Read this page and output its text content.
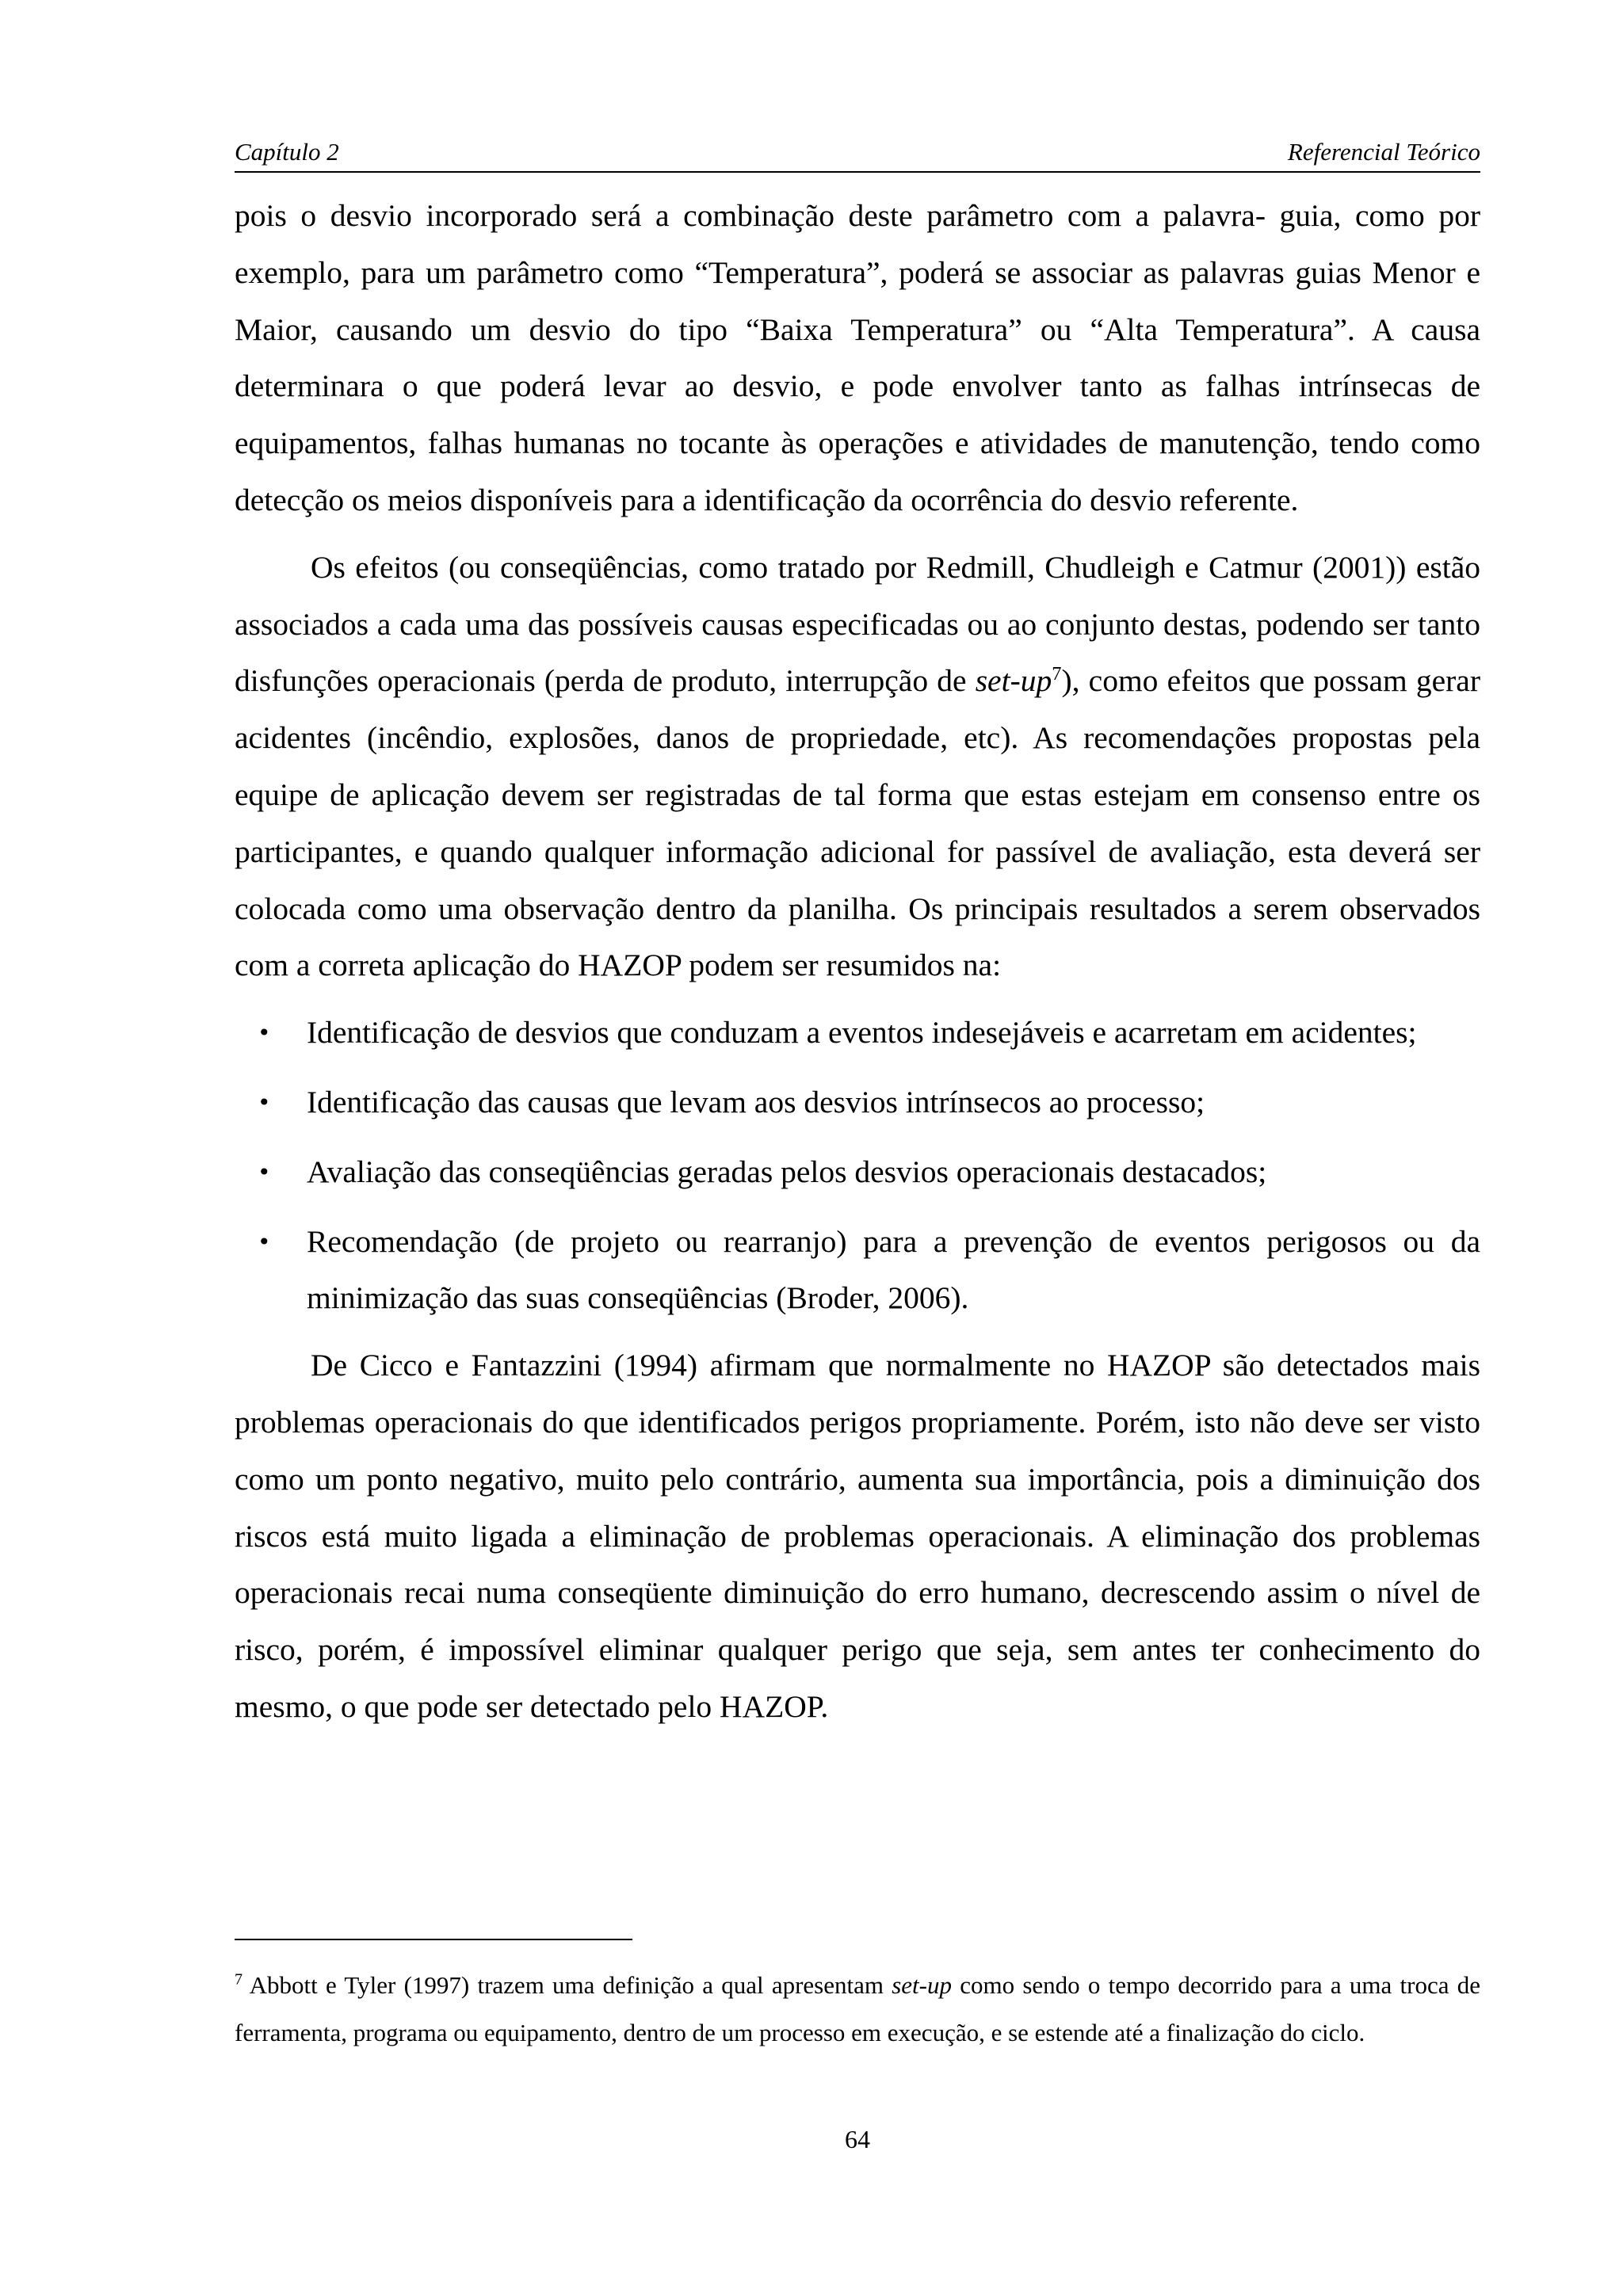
Capítulo 2	Referencial Teórico

pois o desvio incorporado será a combinação deste parâmetro com a palavra- guia, como por exemplo, para um parâmetro como “Temperatura”, poderá se associar as palavras guias Menor e Maior, causando um desvio do tipo “Baixa Temperatura” ou “Alta Temperatura”. A causa determinara o que poderá levar ao desvio, e pode envolver tanto as falhas intrínsecas de equipamentos, falhas humanas no tocante às operações e atividades de manutenção, tendo como detecção os meios disponíveis para a identificação da ocorrência do desvio referente.

Os efeitos (ou conseqüências, como tratado por Redmill, Chudleigh e Catmur (2001)) estão associados a cada uma das possíveis causas especificadas ou ao conjunto destas, podendo ser tanto disfunções operacionais (perda de produto, interrupção de set-$up^7$), como efeitos que possam gerar acidentes (incêndio, explosões, danos de propriedade, etc). As recomendações propostas pela equipe de aplicação devem ser registradas de tal forma que estas estejam em consenso entre os participantes, e quando qualquer informação adicional for passível de avaliação, esta deverá ser colocada como uma observação dentro da planilha. Os principais resultados a serem observados com a correta aplicação do HAZOP podem ser resumidos na:

• Identificação de desvios que conduzam a eventos indesejáveis e acarretam em acidentes;
• Identificação das causas que levam aos desvios intrínsecos ao processo;
• Avaliação das conseqüências geradas pelos desvios operacionais destacados;
• Recomendação (de projeto ou rearranjo) para a prevenção de eventos perigosos ou da minimização das suas conseqüências (Broder, 2006).

De Cicco e Fantazzini (1994) afirmam que normalmente no HAZOP são detectados mais problemas operacionais do que identificados perigos propriamente. Porém, isto não deve ser visto como um ponto negativo, muito pelo contrário, aumenta sua importância, pois a diminuição dos riscos está muito ligada a eliminação de problemas operacionais. A eliminação dos problemas operacionais recai numa conseqüente diminuição do erro humano, decrescendo assim o nível de risco, porém, é impossível eliminar qualquer perigo que seja, sem antes ter conhecimento do mesmo, o que pode ser detectado pelo HAZOP.

$^7$ Abbott e Tyler (1997) trazem uma definição a qual apresentam set-up como sendo o tempo decorrido para a uma troca de ferramenta, programa ou equipamento, dentro de um processo em execução, e se estende até a finalização do ciclo.
64
